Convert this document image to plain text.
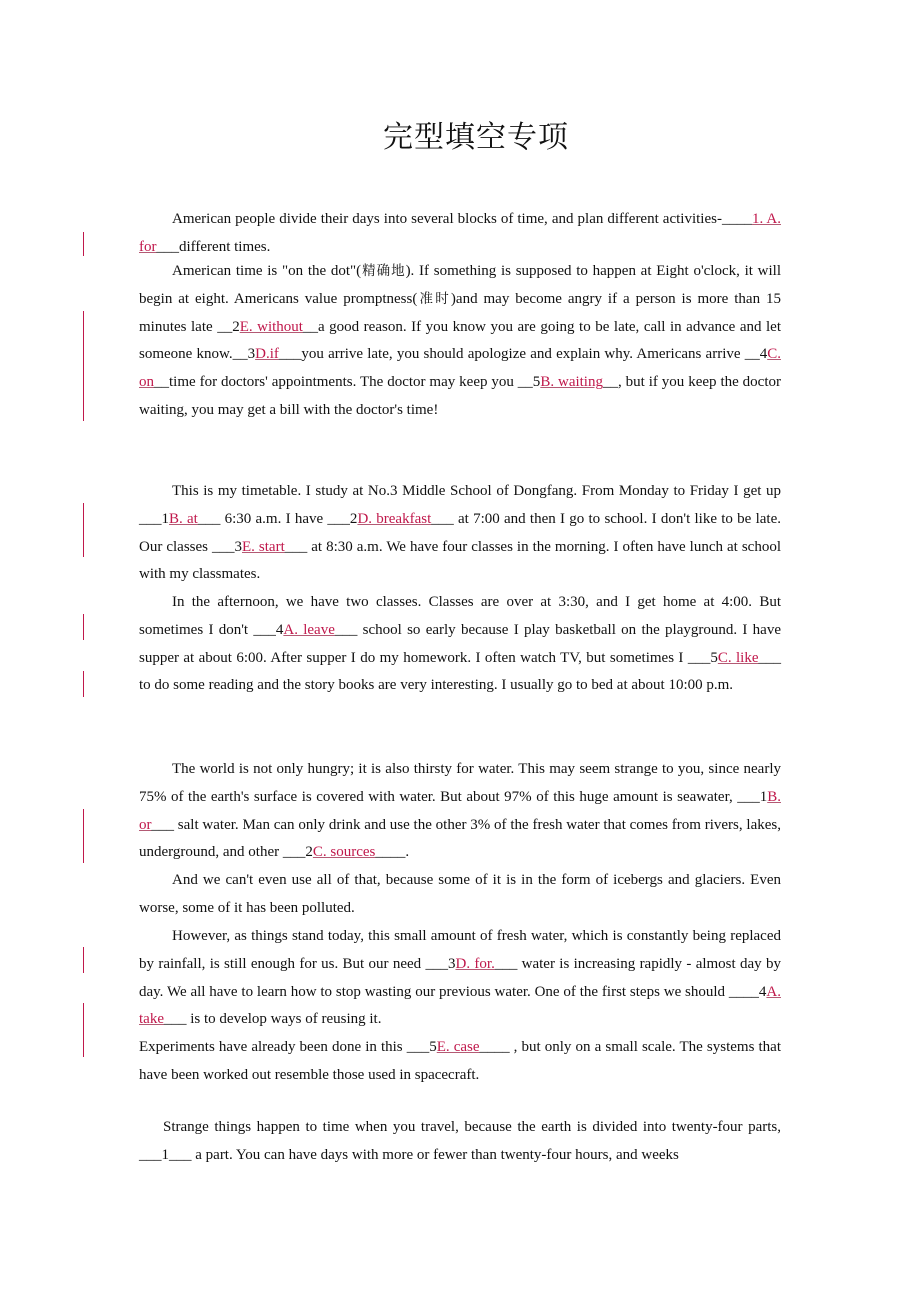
完型填空专项
American people divide their days into several blocks of time, and plan different activities-____1. A. for___different times.
American time is "on the dot"(精确地). If something is supposed to happen at Eight o'clock, it will begin at eight. Americans value promptness(准时)and may become angry if a person is more than 15 minutes late __2E. without__a good reason. If you know you are going to be late, call in advance and let someone know.__3D.if___you arrive late, you should apologize and explain why. Americans arrive __4C. on__time for doctors' appointments. The doctor may keep you __5B. waiting__, but if you keep the doctor waiting, you may get a bill with the doctor's time!
This is my timetable. I study at No.3 Middle School of Dongfang. From Monday to Friday I get up ___1B. at___ 6:30 a.m. I have ___2D. breakfast___ at 7:00 and then I go to school. I don't like to be late. Our classes ___3E. start___ at 8:30 a.m. We have four classes in the morning. I often have lunch at school with my classmates.
In the afternoon, we have two classes. Classes are over at 3:30, and I get home at 4:00. But sometimes I don't ___4A. leave___ school so early because I play basketball on the playground. I have supper at about 6:00. After supper I do my homework. I often watch TV, but sometimes I ___5C. like___ to do some reading and the story books are very interesting. I usually go to bed at about 10:00 p.m.
The world is not only hungry; it is also thirsty for water. This may seem strange to you, since nearly 75% of the earth's surface is covered with water. But about 97% of this huge amount is seawater, ___1B. or___ salt water. Man can only drink and use the other 3% of the fresh water that comes from rivers, lakes, underground, and other ___2C. sources____.
And we can't even use all of that, because some of it is in the form of icebergs and glaciers. Even worse, some of it has been polluted.
However, as things stand today, this small amount of fresh water, which is constantly being replaced by rainfall, is still enough for us. But our need ___3D. for.___ water is increasing rapidly - almost day by day. We all have to learn how to stop wasting our previous water. One of the first steps we should ____4A. take___ is to develop ways of reusing it.
Experiments have already been done in this ___5E. case____ , but only on a small scale. The systems that have been worked out resemble those used in spacecraft.
Strange things happen to time when you travel, because the earth is divided into twenty-four parts, ___1___ a part. You can have days with more or fewer than twenty-four hours, and weeks
